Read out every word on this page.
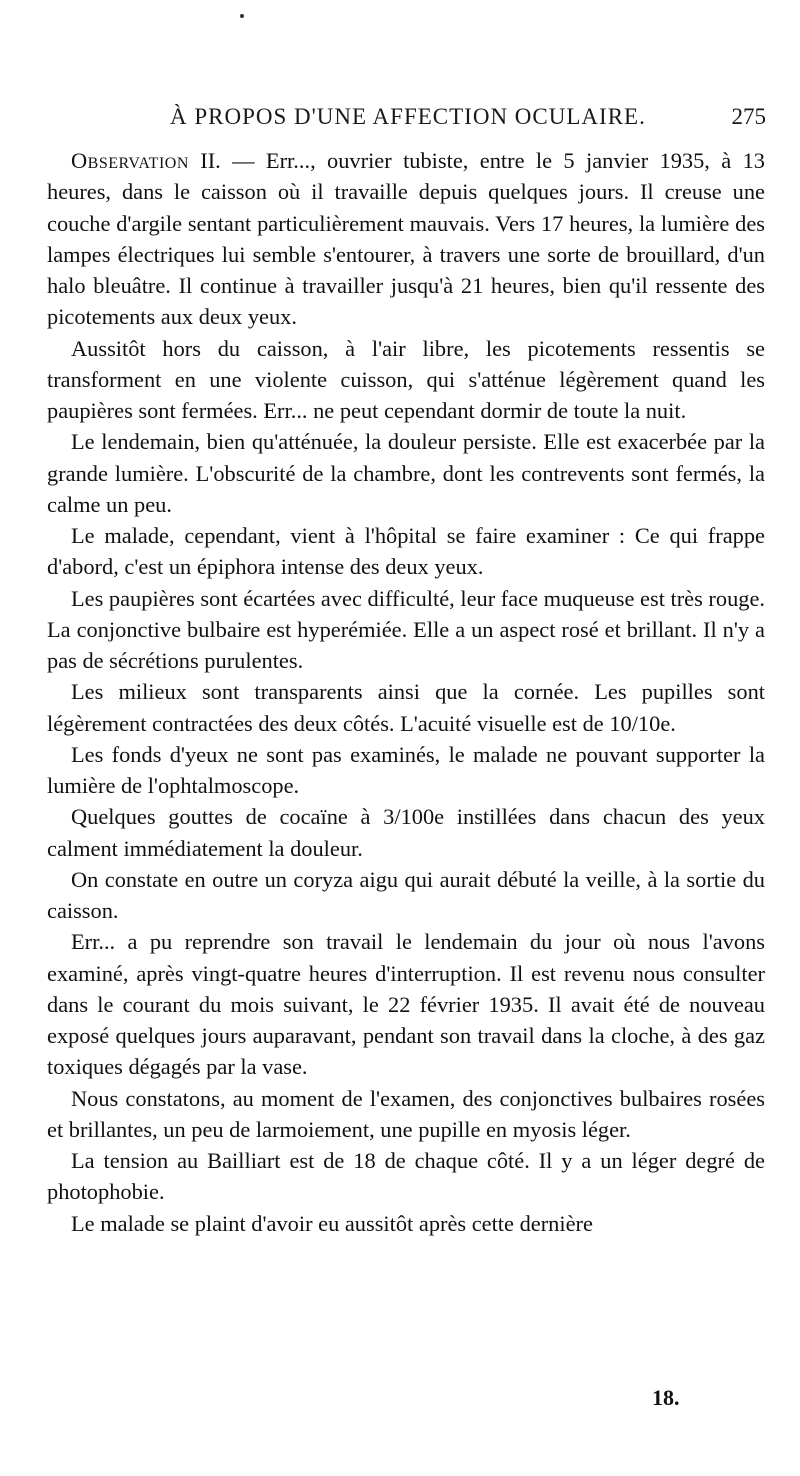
À PROPOS D'UNE AFFECTION OCULAIRE.	275

Observation II. — Err..., ouvrier tubiste, entre le 5 janvier 1935, à 13 heures, dans le caisson où il travaille depuis quelques jours. Il creuse une couche d'argile sentant particulièrement mauvais. Vers 17 heures, la lumière des lampes électriques lui semble s'entourer, à travers une sorte de brouillard, d'un halo bleuâtre. Il continue à travailler jusqu'à 21 heures, bien qu'il ressente des picotements aux deux yeux.

Aussitôt hors du caisson, à l'air libre, les picotements ressentis se transforment en une violente cuisson, qui s'atténue légèrement quand les paupières sont fermées. Err... ne peut cependant dormir de toute la nuit.

Le lendemain, bien qu'atténuée, la douleur persiste. Elle est exacerbée par la grande lumière. L'obscurité de la chambre, dont les contrevents sont fermés, la calme un peu.

Le malade, cependant, vient à l'hôpital se faire examiner : Ce qui frappe d'abord, c'est un épiphora intense des deux yeux.

Les paupières sont écartées avec difficulté, leur face muqueuse est très rouge. La conjonctive bulbaire est hyperémiée. Elle a un aspect rosé et brillant. Il n'y a pas de sécrétions purulentes.

Les milieux sont transparents ainsi que la cornée. Les pupilles sont légèrement contractées des deux côtés. L'acuité visuelle est de 10/10e.

Les fonds d'yeux ne sont pas examinés, le malade ne pouvant supporter la lumière de l'ophtalmoscope.

Quelques gouttes de cocaïne à 3/100e instillées dans chacun des yeux calment immédiatement la douleur.

On constate en outre un coryza aigu qui aurait débuté la veille, à la sortie du caisson.

Err... a pu reprendre son travail le lendemain du jour où nous l'avons examiné, après vingt-quatre heures d'interruption. Il est revenu nous consulter dans le courant du mois suivant, le 22 février 1935. Il avait été de nouveau exposé quelques jours auparavant, pendant son travail dans la cloche, à des gaz toxiques dégagés par la vase.

Nous constatons, au moment de l'examen, des conjonctives bulbaires rosées et brillantes, un peu de larmoiement, une pupille en myosis léger.

La tension au Bailliart est de 18 de chaque côté. Il y a un léger degré de photophobie.

Le malade se plaint d'avoir eu aussitôt après cette dernière

18.
